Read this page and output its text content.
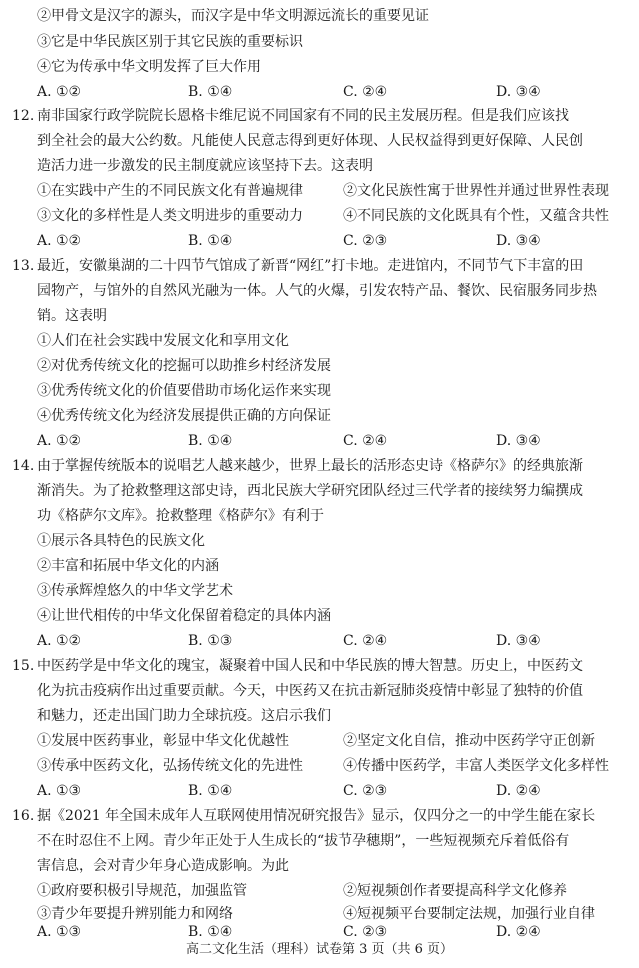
②甲骨文是汉字的源头，而汉字是中华文明源远流长的重要见证
③它是中华民族区别于其它民族的重要标识
④它为传承中华文明发挥了巨大作用
A. ①②	B. ①④	C. ②④	D. ③④
12. 南非国家行政学院院长恩格卡维尼说不同国家有不同的民主发展历程。但是我们应该找
到全社会的最大公约数。凡能使人民意志得到更好体现、人民权益得到更好保障、人民创
造活力进一步激发的民主制度就应该坚持下去。这表明
①在实践中产生的不同民族文化有普遍规律	②文化民族性寓于世界性并通过世界性表现
③文化的多样性是人类文明进步的重要动力	④不同民族的文化既具有个性，又蕴含共性
A. ①②	B. ①④	C. ②③	D. ③④
13. 最近，安徽巢湖的二十四节气馆成了新晋“网红”打卡地。走进馆内，不同节气下丰富的田
园物产，与馆外的自然风光融为一体。人气的火爆，引发农特产品、餐饮、民宿服务同步热
销。这表明
①人们在社会实践中发展文化和享用文化
②对优秀传统文化的挖掘可以助推乡村经济发展
③优秀传统文化的价值要借助市场化运作来实现
④优秀传统文化为经济发展提供正确的方向保证
A. ①②	B. ①④	C. ②④	D. ③④
14. 由于掌握传统版本的说唱艺人越来越少，世界上最长的活形态史诗《格萨尔》的经典旅渐
渐消失。为了抢救整理这部史诗，西北民族大学研究团队经过三代学者的接续努力编撰成
功《格萨尔文库》。抢救整理《格萨尔》有利于
①展示各具特色的民族文化
②丰富和拓展中华文化的内涵
③传承辉煌悠久的中华文学艺术
④让世代相传的中华文化保留着稳定的具体内涵
A. ①②	B. ①③	C. ②④	D. ③④
15. 中医药学是中华文化的瑰宝，凝聚着中国人民和中华民族的博大智慧。历史上，中医药文
化为抗击疫病作出过重要贡献。今天，中医药又在抗击新冠肺炎疫情中彰显了独特的价值
和魅力，还走出国门助力全球抗疫。这启示我们
①发展中医药事业，彰显中华文化优越性	②坚定文化自信，推动中医药学守正创新
③传承中医药文化，弘扬传统文化的先进性	④传播中医药学，丰富人类医学文化多样性
A. ①③	B. ①④	C. ②③	D. ②④
16. 据《2021 年全国未成年人互联网使用情况研究报告》显示，仅四分之一的中学生能在家长
不在时忍住不上网。青少年正处于人生成长的“拔节孕穗期”，一些短视频充斥着低俗有
害信息，会对青少年身心造成影响。为此
①政府要积极引导规范，加强监管	②短视频创作者要提高科学文化修养
③青少年要提升辨别能力和网络	④短视频平台要制定法规，加强行业自律
A. ①③	B. ①④	C. ②③	D. ②④
高二文化生活（理科）试卷第 3 页（共 6 页）
